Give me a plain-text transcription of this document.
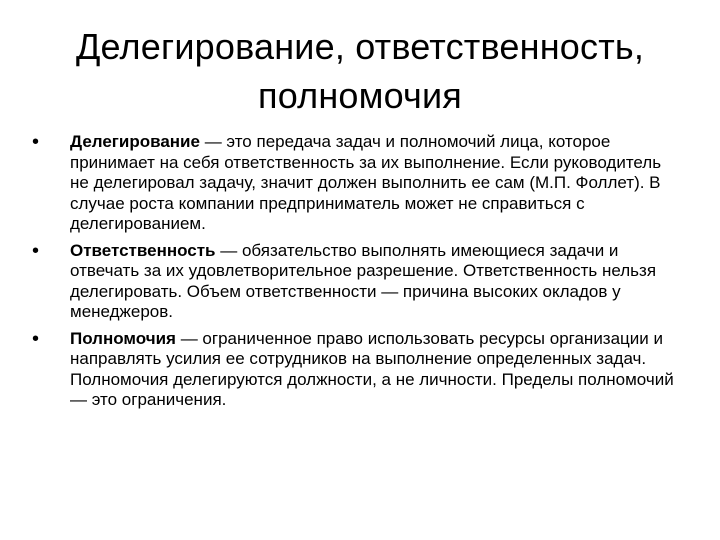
Делегирование, ответственность, полномочия
• Делегирование — это передача задач и полномочий лица, которое принимает на себя ответственность за их выполнение. Если руководитель не делегировал задачу, значит должен выполнить ее сам (М.П. Фоллет). В случае роста компании предприниматель может не справиться с делегированием.
• Ответственность — обязательство выполнять имеющиеся задачи и отвечать за их удовлетворительное разрешение. Ответственность нельзя делегировать. Объем ответственности — причина высоких окладов у менеджеров.
• Полномочия — ограниченное право использовать ресурсы организации и направлять усилия ее сотрудников на выполнение определенных задач. Полномочия делегируются должности, а не личности. Пределы полномочий — это ограничения.
